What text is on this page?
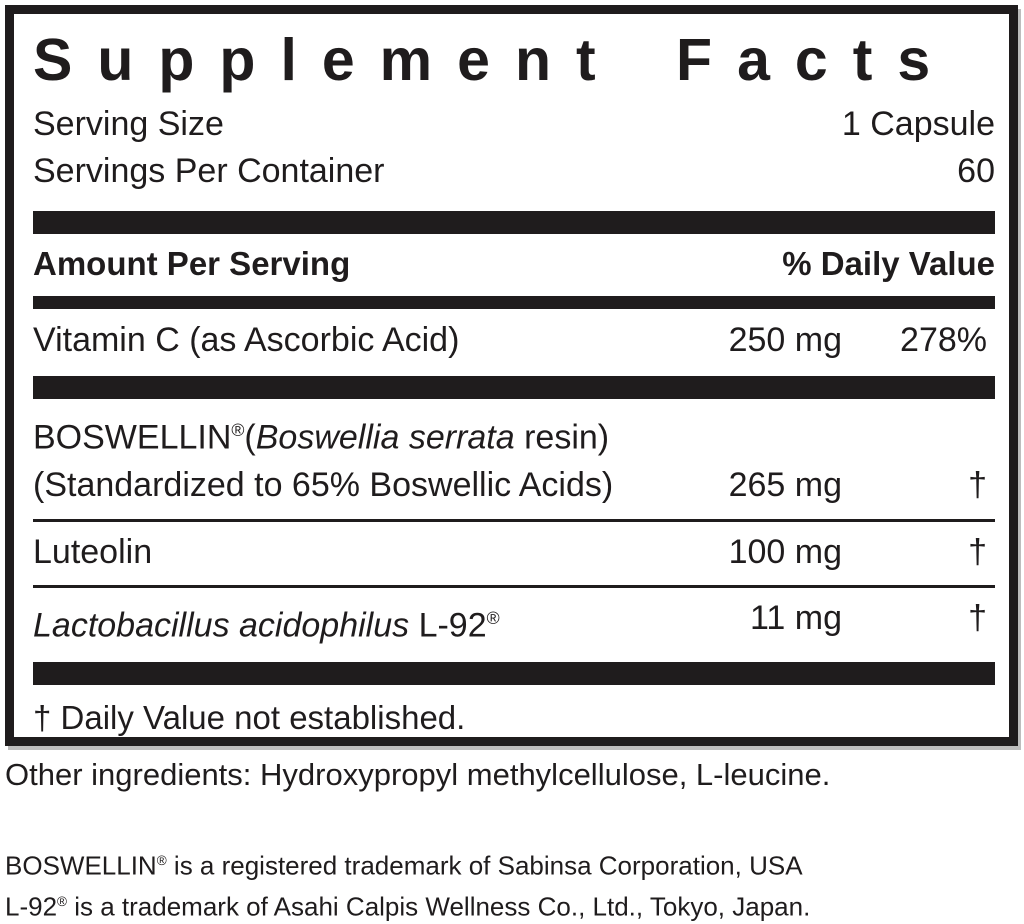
Supplement Facts
Serving Size	1 Capsule
Servings Per Container	60
Amount Per Serving	% Daily Value
Vitamin C (as Ascorbic Acid)	250 mg	278%
BOSWELLIN®(Boswellia serrata resin)
(Standardized to 65% Boswellic Acids)	265 mg	†
Luteolin	100 mg	†
Lactobacillus acidophilus L-92®	11 mg	†
† Daily Value not established.
Other ingredients: Hydroxypropyl methylcellulose, L-leucine.
BOSWELLIN® is a registered trademark of Sabinsa Corporation, USA
L-92® is a trademark of Asahi Calpis Wellness Co., Ltd., Tokyo, Japan.
